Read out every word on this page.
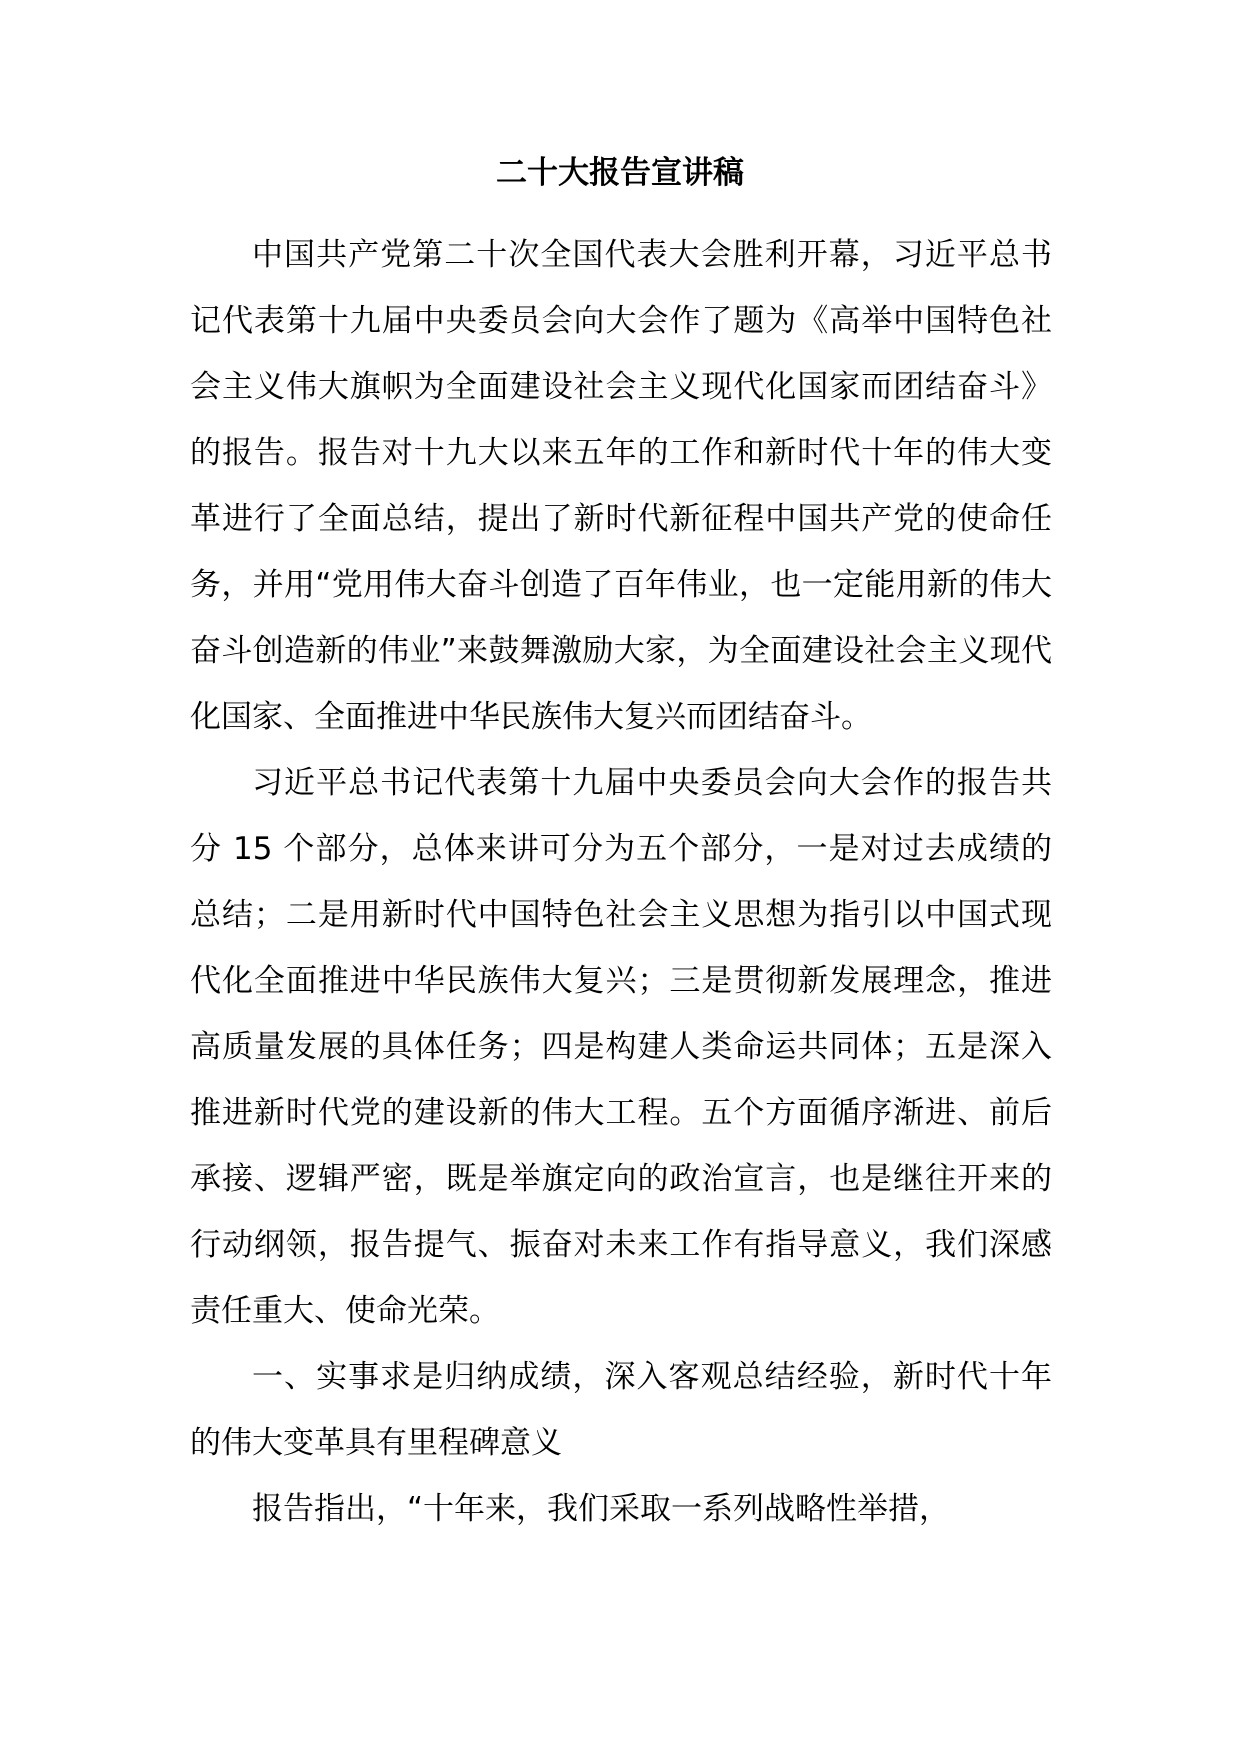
二十大报告宣讲稿

中国共产党第二十次全国代表大会胜利开幕，习近平总书记代表第十九届中央委员会向大会作了题为《高举中国特色社会主义伟大旗帜为全面建设社会主义现代化国家而团结奋斗》的报告。报告对十九大以来五年的工作和新时代十年的伟大变革进行了全面总结，提出了新时代新征程中国共产党的使命任务，并用“党用伟大奋斗创造了百年伟业，也一定能用新的伟大奋斗创造新的伟业”来鼓舞激励大家，为全面建设社会主义现代化国家、全面推进中华民族伟大复兴而团结奋斗。

习近平总书记代表第十九届中央委员会向大会作的报告共分 15 个部分，总体来讲可分为五个部分，一是对过去成绩的总结；二是用新时代中国特色社会主义思想为指引以中国式现代化全面推进中华民族伟大复兴；三是贯彻新发展理念，推进高质量发展的具体任务；四是构建人类命运共同体；五是深入推进新时代党的建设新的伟大工程。五个方面循序渐进、前后承接、逻辑严密，既是举旗定向的政治宣言，也是继往开来的行动纲领，报告提气、振奋对未来工作有指导意义，我们深感责任重大、使命光荣。

一、实事求是归纳成绩，深入客观总结经验，新时代十年的伟大变革具有里程碑意义

报告指出，“十年来，我们采取一系列战略性举措，
